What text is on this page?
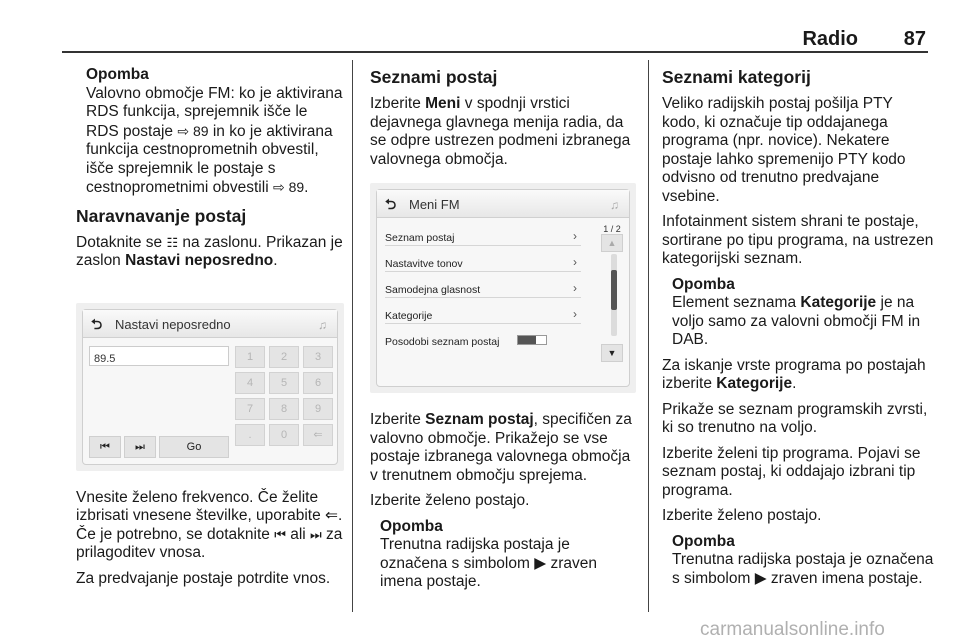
Radio 87
Opomba
Valovno območje FM: ko je aktivirana RDS funkcija, sprejemnik išče le RDS postaje ⇨ 89 in ko je aktivirana funkcija cestnoprometnih obvestil, išče sprejemnik le postaje s cestnoprometnimi obvestili ⇨ 89.
Naravnavanje postaj

Dotaknite se ☷ na zaslonu. Prikazan je zaslon Nastavi neposredno.

⮌ Nastavi neposredno	♫
89.5	1	2	3
4	5	6
7	8	9
.	0	⇐
⏮	⏭	Go

Vnesite želeno frekvenco. Če želite izbrisati vnesene številke, uporabite ⇐. Če je potrebno, se dotaknite ⏮ ali ⏭ za prilagoditev vnosa.

Za predvajanje postaje potrdite vnos.

Seznami postaj

Izberite Meni v spodnji vrstici dejavnega glavnega menija radia, da se odpre ustrezen podmeni izbranega valovnega območja.

⮌ Meni FM	♫
Seznam postaj	›
Nastavitve tonov	›
Samodejna glasnost	›
Kategorije	›
Posodobi seznam postaj
1 / 2
▲
▼

Izberite Seznam postaj, specifičen za valovno območje. Prikažejo se vse postaje izbranega valovnega območja v trenutnem območju sprejema.

Izberite želeno postajo.

Opomba
Trenutna radijska postaja je označena s simbolom ▶ zraven imena postaje.
Seznami kategorij

Veliko radijskih postaj pošilja PTY kodo, ki označuje tip oddajanega programa (npr. novice). Nekatere postaje lahko spremenijo PTY kodo odvisno od trenutno predvajane vsebine.

Infotainment sistem shrani te postaje, sortirane po tipu programa, na ustrezen kategorijski seznam.

Opomba
Element seznama Kategorije je na voljo samo za valovni območji FM in DAB.

Za iskanje vrste programa po postajah izberite Kategorije.

Prikaže se seznam programskih zvrsti, ki so trenutno na voljo.

Izberite želeni tip programa. Pojavi se seznam postaj, ki oddajajo izbrani tip programa.

Izberite želeno postajo.

Opomba
Trenutna radijska postaja je označena s simbolom ▶ zraven imena postaje.
carmanualsonline.info
